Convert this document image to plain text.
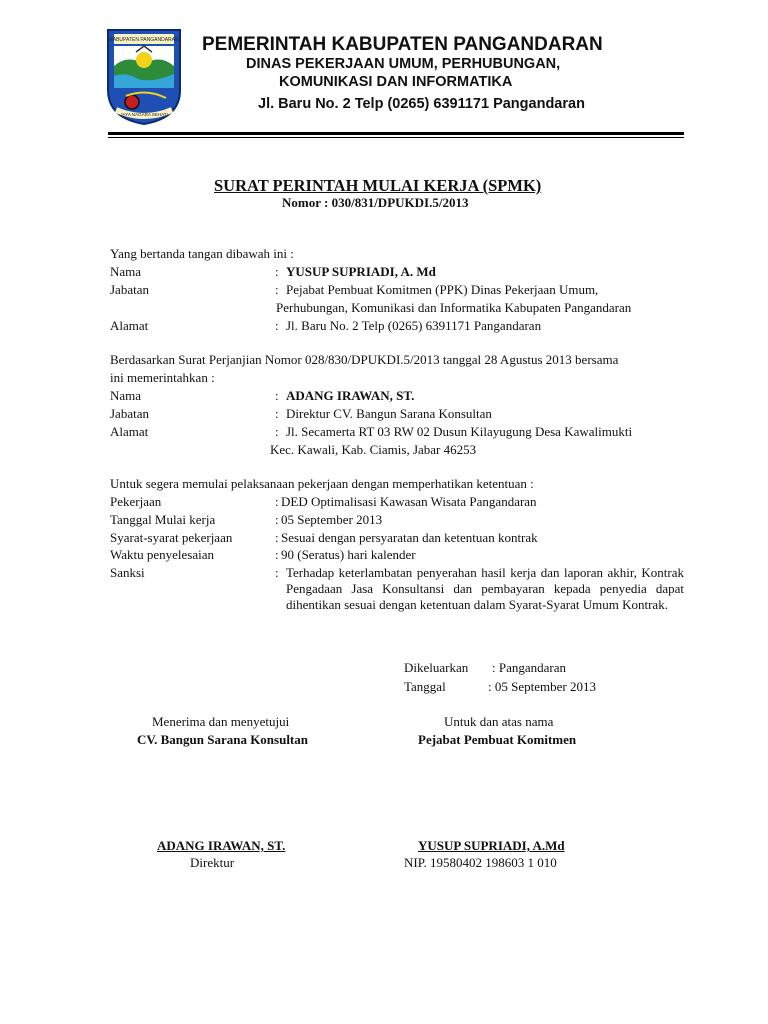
KABUPATEN PANGANDARAN
JAYA NAGARA SEHATI
PEMERINTAH KABUPATEN PANGANDARAN
DINAS PEKERJAAN UMUM, PERHUBUNGAN,
KOMUNIKASI DAN INFORMATIKA
Jl. Baru No. 2 Telp (0265) 6391171 Pangandaran
SURAT PERINTAH MULAI KERJA (SPMK)
Nomor : 030/831/DPUKDI.5/2013
Yang bertanda tangan dibawah ini :
Nama	: YUSUP SUPRIADI, A. Md
Jabatan	: Pejabat Pembuat Komitmen (PPK) Dinas Pekerjaan Umum,
Perhubungan, Komunikasi dan Informatika Kabupaten Pangandaran
Alamat	: Jl. Baru No. 2 Telp (0265) 6391171 Pangandaran
Berdasarkan Surat Perjanjian Nomor 028/830/DPUKDI.5/2013 tanggal 28 Agustus 2013 bersama
ini memerintahkan :
Nama	: ADANG IRAWAN, ST.
Jabatan	: Direktur CV. Bangun Sarana Konsultan
Alamat	: Jl. Secamerta RT 03 RW 02 Dusun Kilayugung Desa Kawalimukti
Kec. Kawali, Kab. Ciamis, Jabar 46253
Untuk segera memulai pelaksanaan pekerjaan dengan memperhatikan ketentuan :
Pekerjaan	: DED Optimalisasi Kawasan Wisata Pangandaran
Tanggal Mulai kerja	: 05 September 2013
Syarat-syarat pekerjaan	: Sesuai dengan persyaratan dan ketentuan kontrak
Waktu penyelesaian	: 90 (Seratus) hari kalender
Sanksi	: Terhadap keterlambatan penyerahan hasil kerja dan laporan akhir, Kontrak Pengadaan Jasa Konsultansi dan pembayaran kepada penyedia dapat dihentikan sesuai dengan ketentuan dalam Syarat-Syarat Umum Kontrak.
Dikeluarkan : Pangandaran
Tanggal	: 05 September 2013
Menerima dan menyetujui
CV. Bangun Sarana Konsultan
Untuk dan atas nama
Pejabat Pembuat Komitmen
ADANG IRAWAN, ST.
Direktur
YUSUP SUPRIADI, A.Md
NIP. 19580402 198603 1 010
